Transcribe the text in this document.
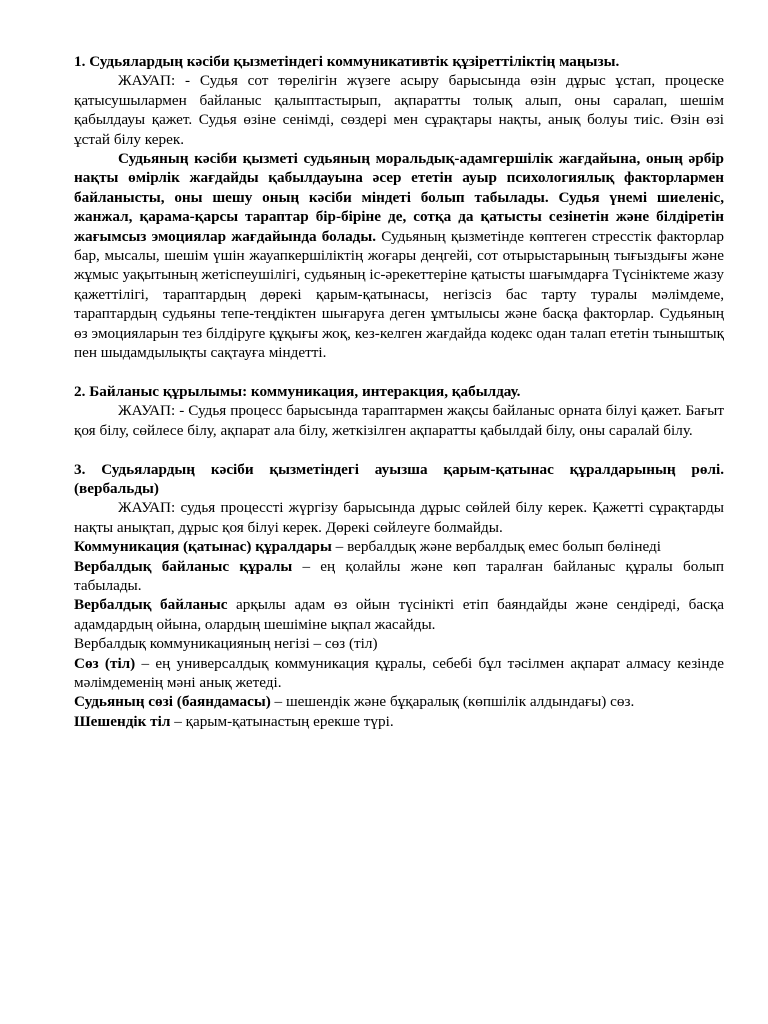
1. Судьялардың кәсіби қызметіндегі коммуникативтік құзіреттіліктің маңызы.

ЖАУАП: - Судья сот төрелігін жүзеге асыру барысында өзін дұрыс ұстап, процеске қатысушылармен байланыс қалыптастырып, ақпаратты толық алып, оны саралап, шешім қабылдауы қажет. Судья өзіне сенімді, сөздері мен сұрақтары нақты, анық болуы тиіс. Өзін өзі ұстай білу керек.

Судьяның кәсіби қызметі судьяның моральдық-адамгершілік жағдайына, оның әрбір нақты өмірлік жағдайды қабылдауына әсер ететін ауыр психологиялық факторлармен байланысты, оны шешу оның кәсіби міндеті болып табылады. Судья үнемі шиеленіс, жанжал, қарама-қарсы тараптар бір-біріне де, сотқа да қатысты сезінетін және білдіретін жағымсыз эмоциялар жағдайында болады. Судьяның қызметінде көптеген стресстік факторлар бар, мысалы, шешім үшін жауапкершіліктің жоғары деңгейі, сот отырыстарының тығыздығы және жұмыс уақытының жетіспеушілігі, судьяның іс-әрекеттеріне қатысты шағымдарға Түсініктеме жазу қажеттілігі, тараптардың дөрекі қарым-қатынасы, негізсіз бас тарту туралы мәлімдеме, тараптардың судьяны тепе-теңдіктен шығаруға деген ұмтылысы және басқа факторлар. Судьяның өз эмоцияларын тез білдіруге құқығы жоқ, кез-келген жағдайда кодекс одан талап ететін тыныштық пен шыдамдылықты сақтауға міндетті.

2. Байланыс құрылымы: коммуникация, интеракция, қабылдау.

ЖАУАП: - Судья процесс барысында тараптармен жақсы байланыс орната білуі қажет. Бағыт қоя білу, сөйлесе білу, ақпарат ала білу, жеткізілген ақпаратты қабылдай білу, оны саралай білу.

3. Судьялардың кәсіби қызметіндегі ауызша қарым-қатынас құралдарының рөлі. (вербальды)

ЖАУАП: судья процессті жүргізу барысында дұрыс сөйлей білу керек. Қажетті сұрақтарды нақты анықтап, дұрыс қоя білуі керек. Дөрекі сөйлеуге болмайды.

Коммуникация (қатынас) құралдары – вербалдық және вербалдық емес болып бөлінеді

Вербалдық байланыс құралы – ең қолайлы және көп таралған байланыс құралы болып табылады.

Вербалдық байланыс арқылы адам өз ойын түсінікті етіп баяндайды және сендіреді, басқа адамдардың ойына, олардың шешіміне ықпал жасайды.

Вербалдық коммуникацияның негізі – сөз (тіл)

Сөз (тіл) – ең универсалдық коммуникация құралы, себебі бұл тәсілмен ақпарат алмасу кезінде мәлімдеменің мәні анық жетеді.

Судьяның сөзі (баяндамасы) – шешендік және бұқаралық (көпшілік алдындағы) сөз.

Шешендік тіл – қарым-қатынастың ерекше түрі.
